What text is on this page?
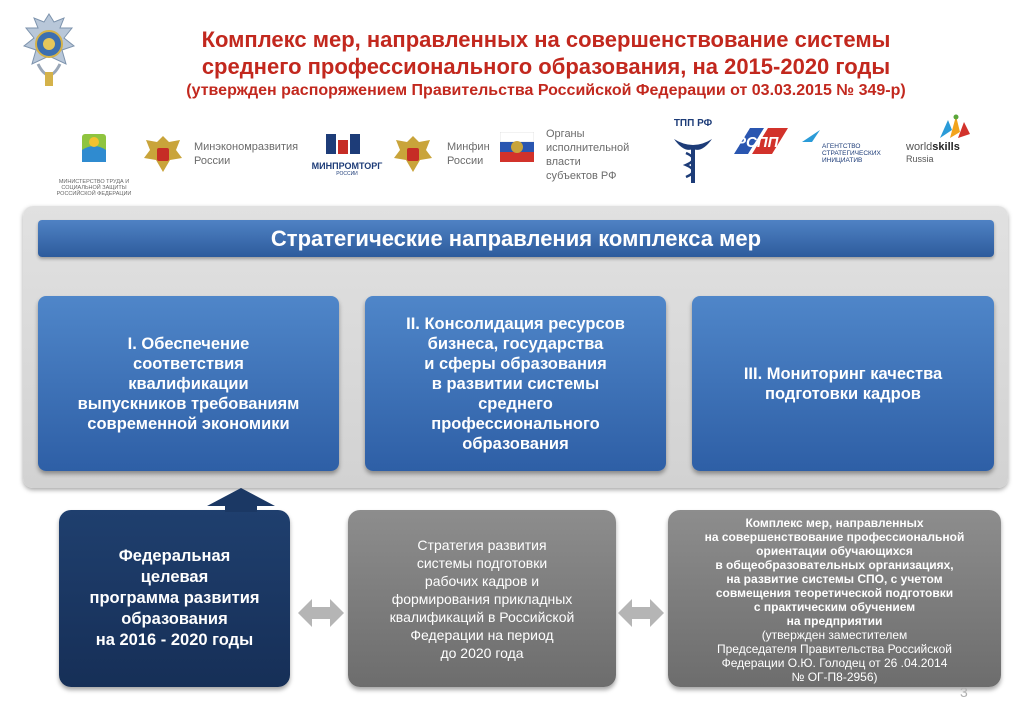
Комплекс мер, направленных на совершенствование системы

среднего профессионального образования, на 2015-2020 годы

(утвержден распоряжением Правительства Российской Федерации от 03.03.2015 № 349-р)

МИНИСТЕРСТВО ТРУДА И СОЦИАЛЬНОЙ ЗАЩИТЫ РОССИЙСКОЙ ФЕДЕРАЦИИ
Минэкономразвития
России	МИНПРОМТОРГ
РОССИИ
Минфин
России
Органы
исполнительной
власти
субъектов РФ
ТПП РФ
РСПП	АГЕНТСТВО
СТРАТЕГИЧЕСКИХ
ИНИЦИАТИВ
worldskills
Russia
Стратегические направления комплекса мер
I. Обеспечение
соответствия
квалификации
выпускников требованиям
современной экономики
II. Консолидация ресурсов
бизнеса, государства
и сферы образования
в развитии системы
среднего
профессионального
образования
III. Мониторинг качества
подготовки кадров
Федеральная
целевая
программа развития
образования
на 2016 - 2020 годы
Стратегия развития
системы подготовки
рабочих кадров и
формирования прикладных
квалификаций в Российской
Федерации на период
до 2020 года
Комплекс мер, направленных
на совершенствование профессиональной
ориентации обучающихся
в общеобразовательных организациях,
на развитие системы СПО, с учетом
совмещения теоретической подготовки
с практическим обучением
на предприятии
(утвержден заместителем
Председателя Правительства Российской
Федерации О.Ю. Голодец от 26 .04.2014
№ ОГ-П8-2956)
3
